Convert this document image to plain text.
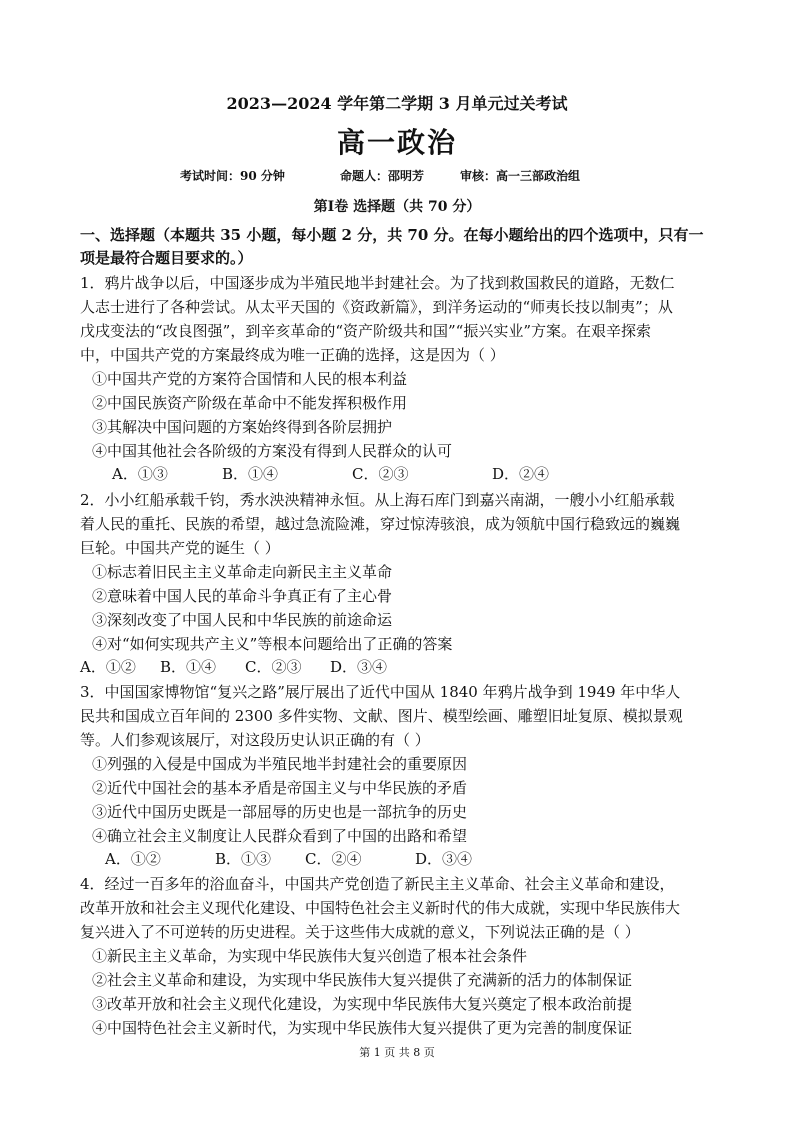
2023—2024 学年第二学期 3 月单元过关考试
高一政治
考试时间：90 分钟	命题人：邵明芳	审核：高一三部政治组
第Ⅰ卷 选择题（共 70 分）
一、选择题（本题共 35 小题，每小题 2 分，共 70 分。在每小题给出的四个选项中，只有一
项是最符合题目要求的。）
1．鸦片战争以后，中国逐步成为半殖民地半封建社会。为了找到救国救民的道路，无数仁
人志士进行了各种尝试。从太平天国的《资政新篇》，到洋务运动的“师夷长技以制夷”；从
戊戌变法的“改良图强”，到辛亥革命的“资产阶级共和国”“振兴实业”方案。在艰辛探索
中，中国共产党的方案最终成为唯一正确的选择，这是因为（ ）
①中国共产党的方案符合国情和人民的根本利益
②中国民族资产阶级在革命中不能发挥积极作用
③其解决中国问题的方案始终得到各阶层拥护
④中国其他社会各阶级的方案没有得到人民群众的认可
A．①③	B．①④	C．②③	D．②④
2．小小红船承载千钧，秀水泱泱精神永恒。从上海石库门到嘉兴南湖，一艘小小红船承载
着人民的重托、民族的希望，越过急流险滩，穿过惊涛骇浪，成为领航中国行稳致远的巍巍
巨轮。中国共产党的诞生（ ）
①标志着旧民主主义革命走向新民主主义革命
②意味着中国人民的革命斗争真正有了主心骨
③深刻改变了中国人民和中华民族的前途命运
④对“如何实现共产主义”等根本问题给出了正确的答案
A．①② B．①④ C．②③ D．③④
3．中国国家博物馆“复兴之路”展厅展出了近代中国从 1840 年鸦片战争到 1949 年中华人
民共和国成立百年间的 2300 多件实物、文献、图片、模型绘画、雕塑旧址复原、模拟景观
等。人们参观该展厅，对这段历史认识正确的有（ ）
①列强的入侵是中国成为半殖民地半封建社会的重要原因
②近代中国社会的基本矛盾是帝国主义与中华民族的矛盾
③近代中国历史既是一部屈辱的历史也是一部抗争的历史
④确立社会主义制度让人民群众看到了中国的出路和希望
A．①②	B．①③ C．②④	D．③④
4．经过一百多年的浴血奋斗，中国共产党创造了新民主主义革命、社会主义革命和建设，
改革开放和社会主义现代化建设、中国特色社会主义新时代的伟大成就，实现中华民族伟大
复兴进入了不可逆转的历史进程。关于这些伟大成就的意义，下列说法正确的是（ ）
①新民主主义革命，为实现中华民族伟大复兴创造了根本社会条件
②社会主义革命和建设，为实现中华民族伟大复兴提供了充满新的活力的体制保证
③改革开放和社会主义现代化建设，为实现中华民族伟大复兴奠定了根本政治前提
④中国特色社会主义新时代，为实现中华民族伟大复兴提供了更为完善的制度保证
第 1 页 共 8 页
